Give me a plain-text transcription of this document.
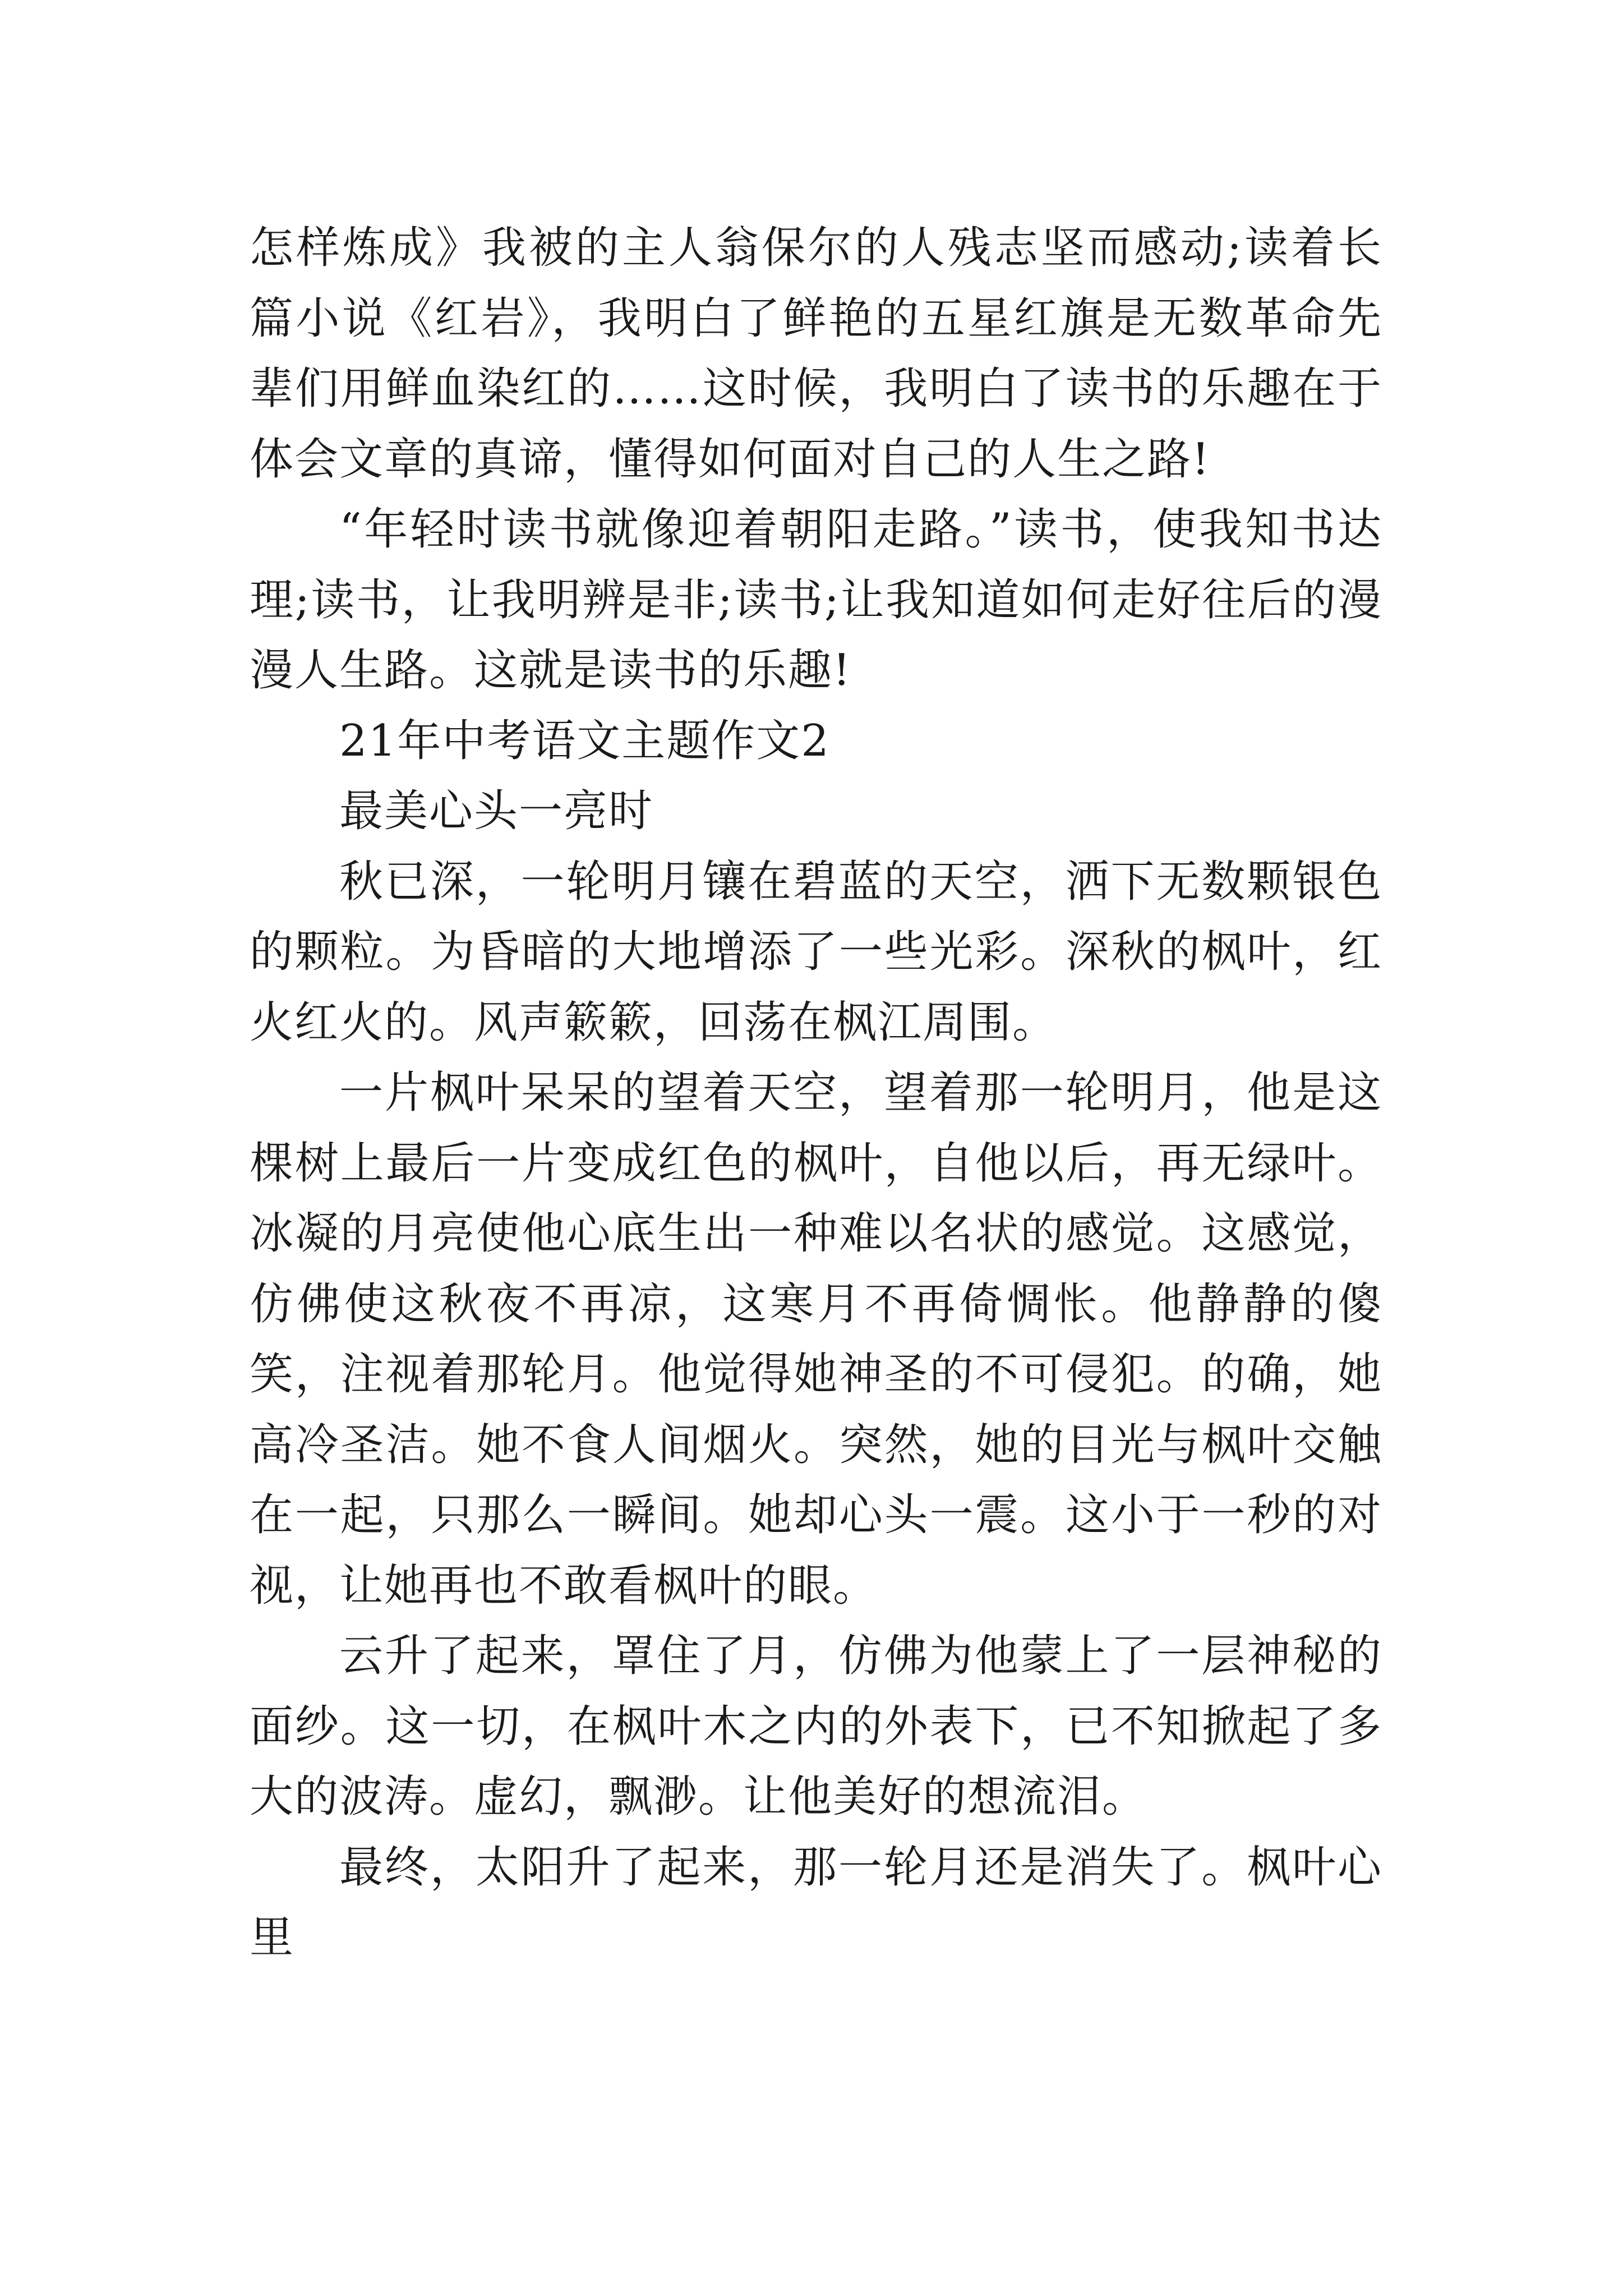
怎样炼成》我被的主人翁保尔的人残志坚而感动;读着长篇小说《红岩》，我明白了鲜艳的五星红旗是无数革命先辈们用鲜血染红的……这时候，我明白了读书的乐趣在于体会文章的真谛，懂得如何面对自己的人生之路!

“年轻时读书就像迎着朝阳走路。”读书，使我知书达理;读书，让我明辨是非;读书;让我知道如何走好往后的漫漫人生路。这就是读书的乐趣!

21年中考语文主题作文2

最美心头一亮时

秋已深，一轮明月镶在碧蓝的天空，洒下无数颗银色的颗粒。为昏暗的大地增添了一些光彩。深秋的枫叶，红火红火的。风声簌簌，回荡在枫江周围。

一片枫叶呆呆的望着天空，望着那一轮明月，他是这棵树上最后一片变成红色的枫叶，自他以后，再无绿叶。冰凝的月亮使他心底生出一种难以名状的感觉。这感觉，仿佛使这秋夜不再凉，这寒月不再倚惆怅。他静静的傻笑，注视着那轮月。他觉得她神圣的不可侵犯。的确，她高冷圣洁。她不食人间烟火。突然，她的目光与枫叶交触在一起，只那么一瞬间。她却心头一震。这小于一秒的对视，让她再也不敢看枫叶的眼。

云升了起来，罩住了月，仿佛为他蒙上了一层神秘的面纱。这一切，在枫叶木之内的外表下，已不知掀起了多大的波涛。虚幻，飘渺。让他美好的想流泪。

最终，太阳升了起来，那一轮月还是消失了。枫叶心里
